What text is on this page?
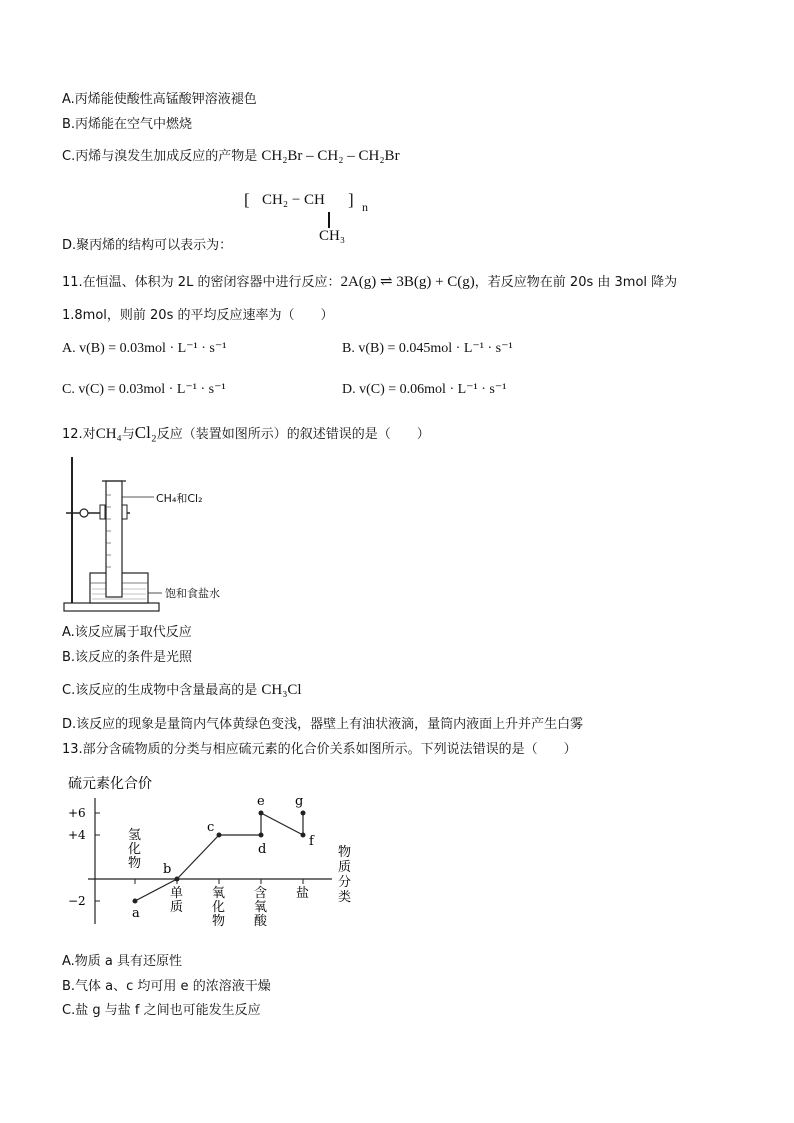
A.丙烯能使酸性高锰酸钾溶液褪色
B.丙烯能在空气中燃烧
C.丙烯与溴发生加成反应的产物是 CH₂Br – CH₂ – CH₂Br
[ CH₂ − CH ] n
CH₃
D.聚丙烯的结构可以表示为：
11.在恒温、体积为 2L 的密闭容器中进行反应：2A(g) ⇌ 3B(g) + C(g)，若反应物在前 20s 由 3mol 降为
1.8mol，则前 20s 的平均反应速率为（　　）
A. v(B) = 0.03mol · L⁻¹ · s⁻¹	B. v(B) = 0.045mol · L⁻¹ · s⁻¹
C. v(C) = 0.03mol · L⁻¹ · s⁻¹	D. v(C) = 0.06mol · L⁻¹ · s⁻¹
12.对CH₄与Cl₂反应（装置如图所示）的叙述错误的是（　　）
CH₄和Cl₂
饱和食盐水
A.该反应属于取代反应
B.该反应的条件是光照
C.该反应的生成物中含量最高的是 CH₃Cl
D.该反应的现象是量筒内气体黄绿色变浅，器壁上有油状液滴，量筒内液面上升并产生白雾
13.部分含硫物质的分类与相应硫元素的化合价关系如图所示。下列说法错误的是（　　）
硫元素化合价
+6
+4
−2
氢
化
物
单
质
氧
化
物
含
氧
酸
盐
物
质
分
类
a
b
c
d
e
f
g
A.物质 a 具有还原性
B.气体 a、c 均可用 e 的浓溶液干燥
C.盐 g 与盐 f 之间也可能发生反应
